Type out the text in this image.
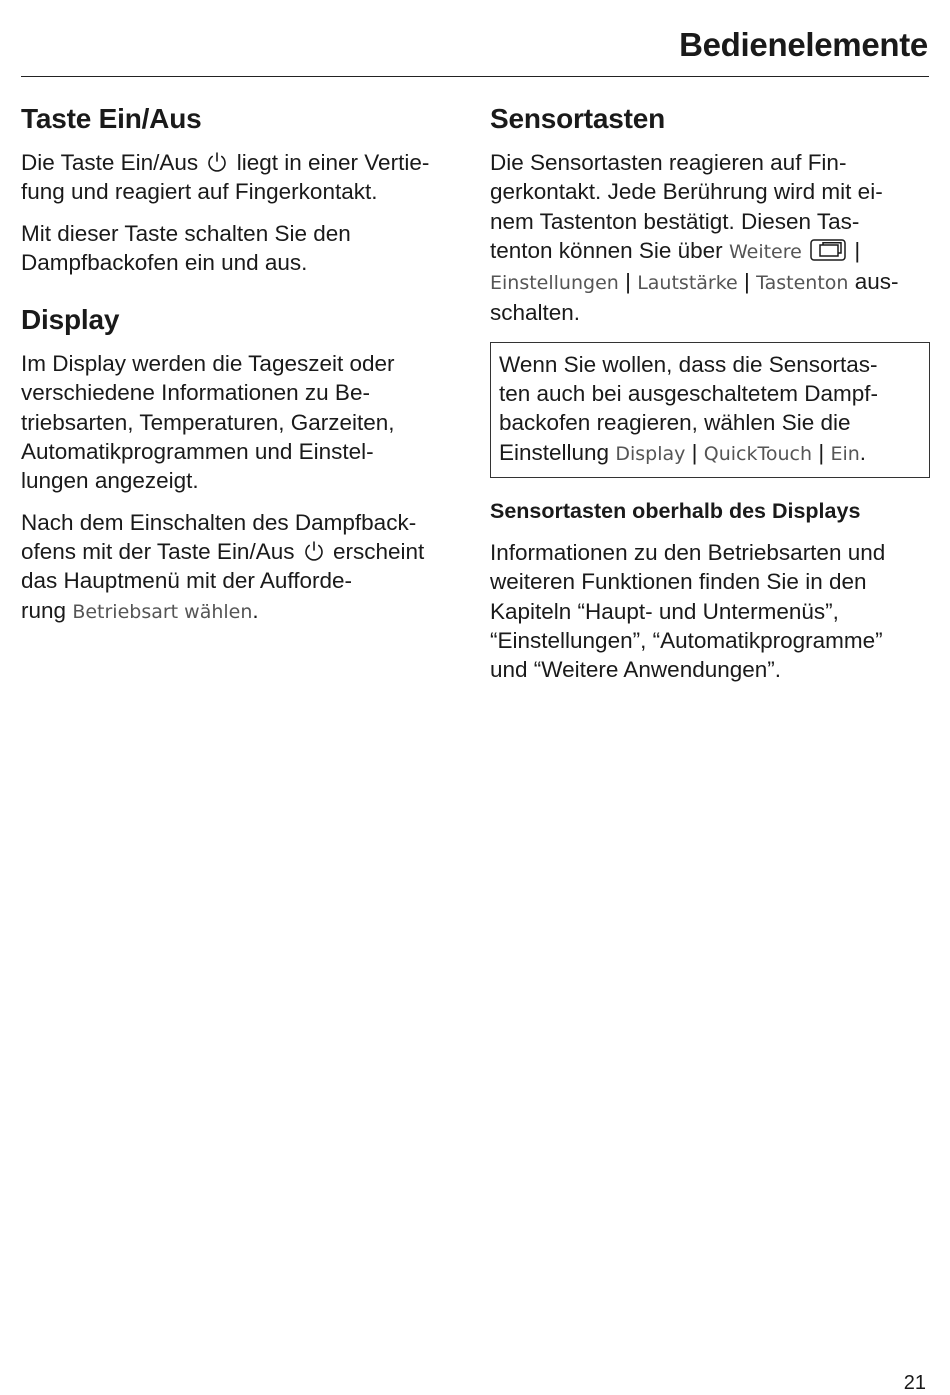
Bedienelemente
Taste Ein/Aus

Die Taste Ein/Aus liegt in einer Vertie-
fung und reagiert auf Fingerkontakt.

Mit dieser Taste schalten Sie den
Dampfbackofen ein und aus.

Display

Im Display werden die Tageszeit oder
verschiedene Informationen zu Be-
triebsarten, Temperaturen, Garzeiten,
Automatikprogrammen und Einstel-
lungen angezeigt.

Nach dem Einschalten des Dampfback-
ofens mit der Taste Ein/Aus erscheint
das Hauptmenü mit der Aufforde-
rung Betriebsart wählen.

Sensortasten

Die Sensortasten reagieren auf Fin-
gerkontakt. Jede Berührung wird mit ei-
nem Tastenton bestätigt. Diesen Tas-
tenton können Sie über Weitere |
Einstellungen | Lautstärke | Tastenton aus-
schalten.

Wenn Sie wollen, dass die Sensortas-
ten auch bei ausgeschaltetem Dampf-
backofen reagieren, wählen Sie die
Einstellung Display | QuickTouch | Ein.

Sensortasten oberhalb des Displays

Informationen zu den Betriebsarten und
weiteren Funktionen finden Sie in den
Kapiteln “Haupt- und Untermenüs”,
“Einstellungen”, “Automatikprogramme”
und “Weitere Anwendungen”.

21
